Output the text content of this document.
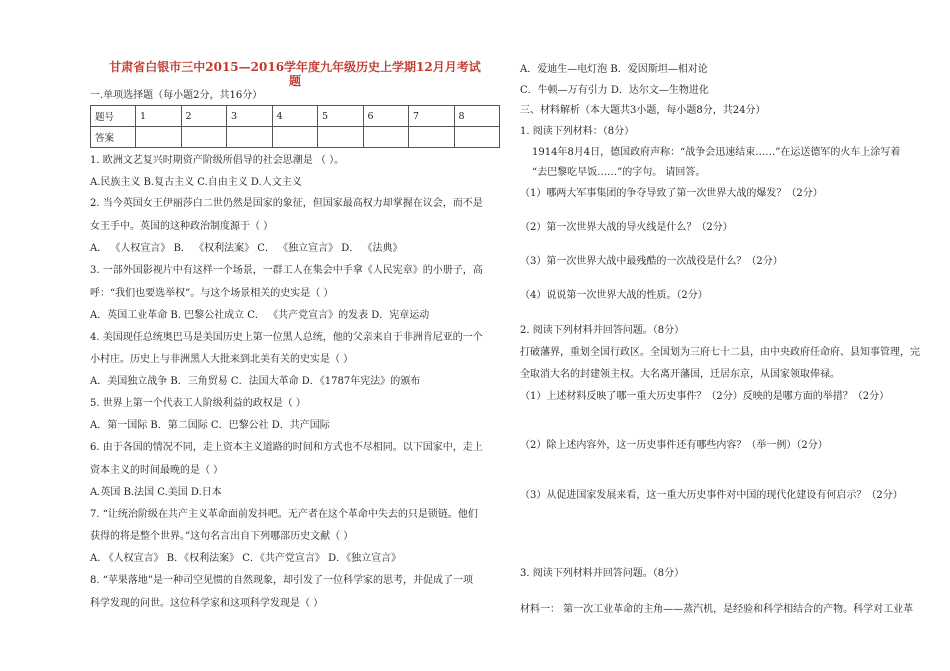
甘肃省白银市三中2015—2016学年度九年级历史上学期12月月考试
题
一.单项选择题（每小题2分，共16分）
题号	1	2	3	4	5	6	7	8
答案								
1. 欧洲文艺复兴时期资产阶级所倡导的社会思潮是 （ ）。
A.民族主义 B.复古主义 C.自由主义 D.人文主义
2. 当今英国女王伊丽莎白二世仍然是国家的象征，但国家最高权力却掌握在议会，而不是
女王手中。英国的这种政治制度源于（ ）
A． 《人权宣言》 B． 《权利法案》 C． 《独立宣言》 D． 《法典》
3. 一部外国影视片中有这样一个场景，一群工人在集会中手拿《人民宪章》的小册子，高
呼：“我们也要选举权”。与这个场景相关的史实是（ ）
A．英国工业革命 B. 巴黎公社成立 C． 《共产党宣言》的发表 D．宪章运动
4. 美国现任总统奥巴马是美国历史上第一位黑人总统，他的父亲来自于非洲肯尼亚的一个
小村庄。历史上与非洲黑人大批来到北美有关的史实是（ ）
A．美国独立战争 B．三角贸易 C．法国大革命 D．《1787年宪法》的颁布
5. 世界上第一个代表工人阶级利益的政权是（ ）
A．第一国际 B．第二国际 C．巴黎公社 D．共产国际
6. 由于各国的情况不同，走上资本主义道路的时间和方式也不尽相同。以下国家中，走上
资本主义的时间最晚的是（ ）
A.英国 B.法国 C.美国 D.日本
7. “让统治阶级在共产主义革命面前发抖吧。无产者在这个革命中失去的只是锁链。他们
获得的将是整个世界。”这句名言出自下列哪部历史文献（ ）
A. 《人权宣言》 B．《权利法案》 C．《共产党宣言》 D．《独立宣言》
8. “苹果落地”是一种司空见惯的自然现象，却引发了一位科学家的思考，并促成了一项
科学发现的问世。这位科学家和这项科学发现是（ ）
A．爱迪生—电灯泡 B．爱因斯坦—相对论
C．牛顿—万有引力 D．达尔文—生物进化
三、材料解析（本大题共3小题，每小题8分，共24分）
1. 阅读下列材料：（8分）
1914年8月4日，德国政府声称：“战争会迅速结束……”在运送德军的火车上涂写着
“去巴黎吃早饭……”的字句。 请回答。
（1）哪两大军事集团的争夺导致了第一次世界大战的爆发？（2分）
（2）第一次世界大战的导火线是什么？（2分）
（3）第一次世界大战中最残酷的一次战役是什么？（2分）
（4）说说第一次世界大战的性质。（2分）
2. 阅读下列材料并回答问题。（8分）
打破藩界，重划全国行政区。全国划为三府七十二县，由中央政府任命府、县知事管理，完
全取消大名的封建领主权。大名离开藩国，迁居东京，从国家领取俸禄。
（1）上述材料反映了哪一重大历史事件？（2分）反映的是哪方面的举措？（2分）
（2）除上述内容外，这一历史事件还有哪些内容？（举一例）（2分）
（3）从促进国家发展来看，这一重大历史事件对中国的现代化建设有何启示？（2分）
3. 阅读下列材料并回答问题。（8分）
材料一： 第一次工业革命的主角——蒸汽机，是经验和科学相结合的产物。科学对工业革
